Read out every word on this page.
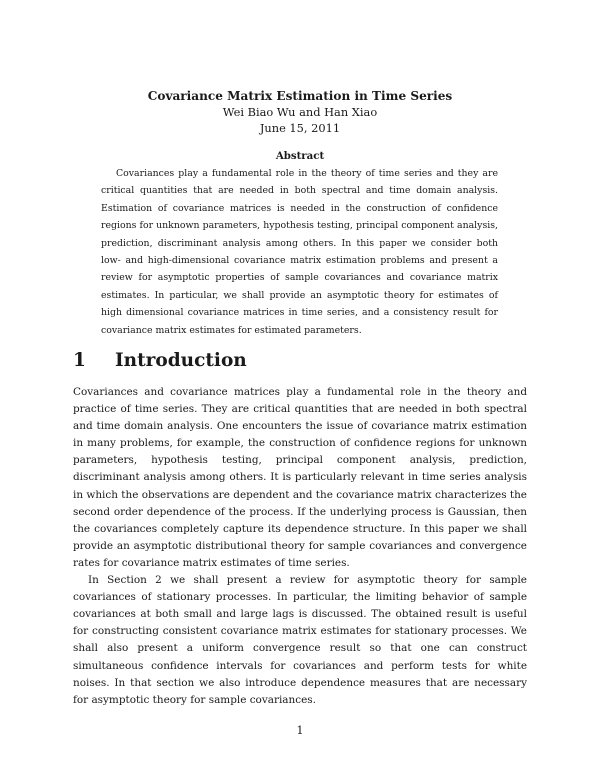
Covariance Matrix Estimation in Time Series
Wei Biao Wu and Han Xiao
June 15, 2011
Abstract
Covariances play a fundamental role in the theory of time series and they are critical quantities that are needed in both spectral and time domain analysis. Estimation of covariance matrices is needed in the construction of confidence regions for unknown parameters, hypothesis testing, principal component analysis, prediction, discriminant analysis among others. In this paper we consider both low- and high-dimensional covariance matrix estimation problems and present a review for asymptotic properties of sample covariances and covariance matrix estimates. In particular, we shall provide an asymptotic theory for estimates of high dimensional covariance matrices in time series, and a consistency result for covariance matrix estimates for estimated parameters.
1 Introduction

Covariances and covariance matrices play a fundamental role in the theory and practice of time series. They are critical quantities that are needed in both spectral and time domain analysis. One encounters the issue of covariance matrix estimation in many problems, for example, the construction of confidence regions for unknown parameters, hypothesis testing, principal component analysis, prediction, discriminant analysis among others. It is particularly relevant in time series analysis in which the observations are dependent and the covariance matrix characterizes the second order dependence of the process. If the underlying process is Gaussian, then the covariances completely capture its dependence structure. In this paper we shall provide an asymptotic distributional theory for sample covariances and convergence rates for covariance matrix estimates of time series.

In Section 2 we shall present a review for asymptotic theory for sample covariances of stationary processes. In particular, the limiting behavior of sample covariances at both small and large lags is discussed. The obtained result is useful for constructing consistent covariance matrix estimates for stationary processes. We shall also present a uniform convergence result so that one can construct simultaneous confidence intervals for covariances and perform tests for white noises. In that section we also introduce dependence measures that are necessary for asymptotic theory for sample covariances.

1
